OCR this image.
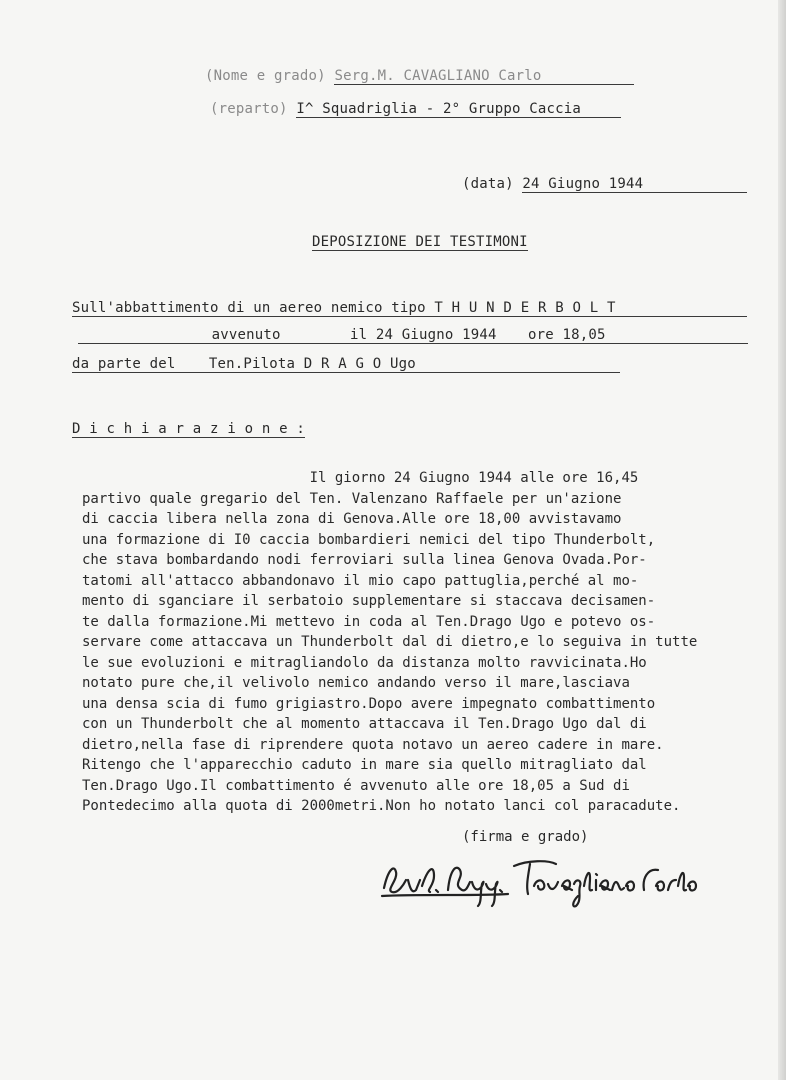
(Nome e grado) Serg.M. CAVAGLIANO Carlo
(reparto) I^ Squadriglia - 2° Gruppo Caccia
(data) 24 Giugno 1944
DEPOSIZIONE DEI TESTIMONI
Sull'abbattimento di un aereo nemico tipo T H U N D E R B O L T
avvenuto	il 24 Giugno 1944 ore 18,05
da parte del Ten.Pilota D R A G O Ugo
D i c h i a r a z i o n e :
Il giorno 24 Giugno 1944 alle ore 16,45
partivo quale gregario del Ten. Valenzano Raffaele per un'azione
di caccia libera nella zona di Genova.Alle ore 18,00 avvistavamo
una formazione di I0 caccia bombardieri nemici del tipo Thunderbolt,
che stava bombardando nodi ferroviari sulla linea Genova Ovada.Por-
tatomi all'attacco abbandonavo il mio capo pattuglia,perché al mo-
mento di sganciare il serbatoio supplementare si staccava decisamen-
te dalla formazione.Mi mettevo in coda al Ten.Drago Ugo e potevo os-
servare come attaccava un Thunderbolt dal di dietro,e lo seguiva in tutte
le sue evoluzioni e mitragliandolo da distanza molto ravvicinata.Ho
notato pure che,il velivolo nemico andando verso il mare,lasciava
una densa scia di fumo grigiastro.Dopo avere impegnato combattimento
con un Thunderbolt che al momento attaccava il Ten.Drago Ugo dal di
dietro,nella fase di riprendere quota notavo un aereo cadere in mare.
Ritengo che l'apparecchio caduto in mare sia quello mitragliato dal
Ten.Drago Ugo.Il combattimento é avvenuto alle ore 18,05 a Sud di
Pontedecimo alla quota di 2000metri.Non ho notato lanci col paracadute.
(firma e grado)
